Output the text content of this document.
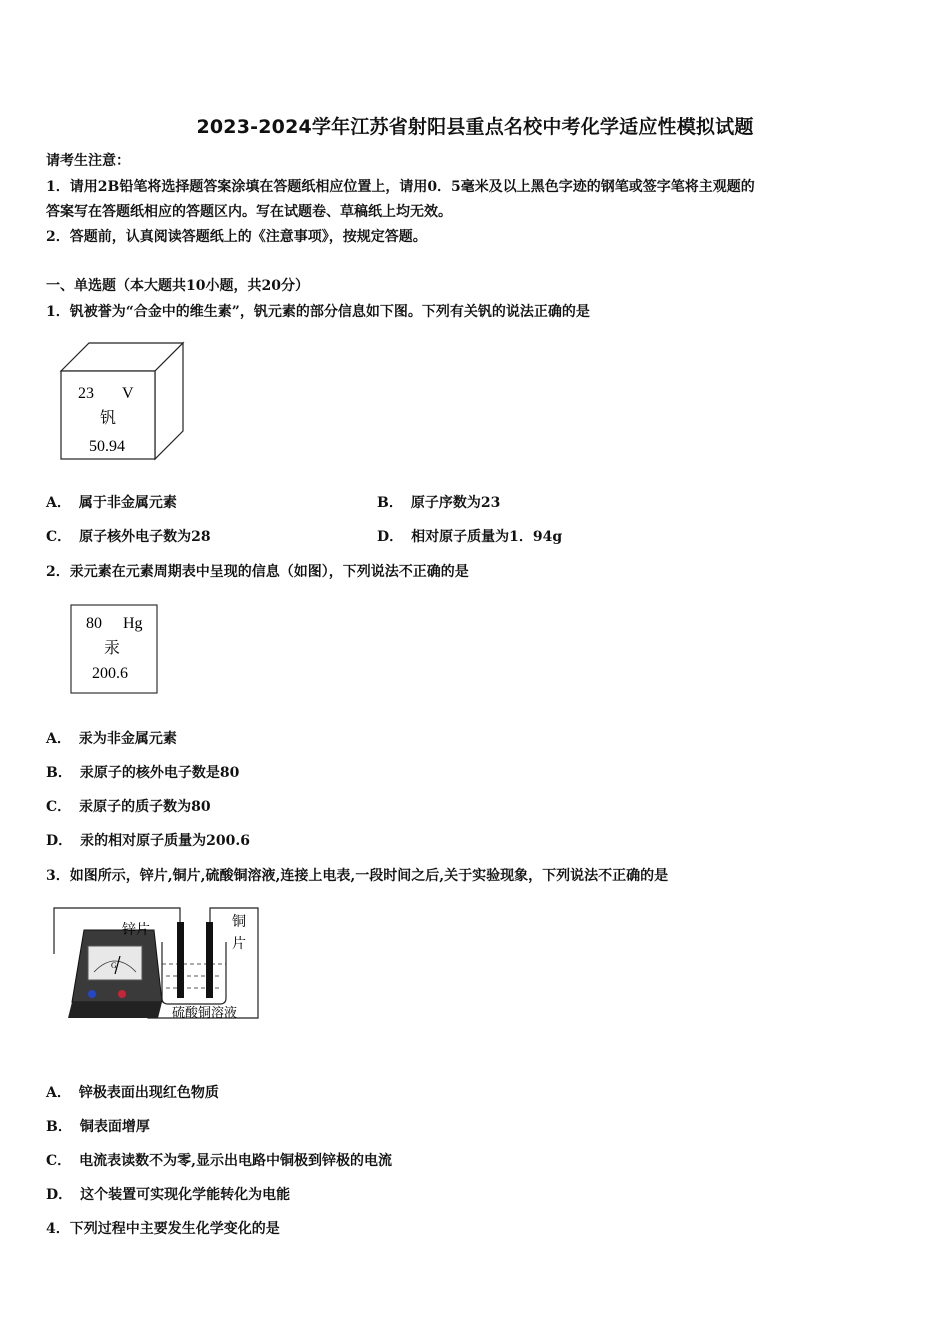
2023-2024学年江苏省射阳县重点名校中考化学适应性模拟试题
请考生注意：
1．请用2B铅笔将选择题答案涂填在答题纸相应位置上，请用0．5毫米及以上黑色字迹的钢笔或签字笔将主观题的
答案写在答题纸相应的答题区内。写在试题卷、草稿纸上均无效。
2．答题前，认真阅读答题纸上的《注意事项》，按规定答题。
一、单选题（本大题共10小题，共20分）
1．钒被誉为“合金中的维生素”，钒元素的部分信息如下图。下列有关钒的说法正确的是
23 V
钒
50.94
A． 属于非金属元素	B． 原子序数为23
C． 原子核外电子数为28	D． 相对原子质量为1．94g
2．汞元素在元素周期表中呈现的信息（如图），下列说法不正确的是
80 Hg
汞
200.6
A． 汞为非金属元素
B． 汞原子的核外电子数是80
C． 汞原子的质子数为80
D． 汞的相对原子质量为200.6
3．如图所示，锌片,铜片,硫酸铜溶液,连接上电表,一段时间之后,关于实验现象，下列说法不正确的是
G
锌片
铜
片
硫酸铜溶液
A． 锌极表面出现红色物质
B． 铜表面增厚
C． 电流表读数不为零,显示出电路中铜极到锌极的电流
D． 这个装置可实现化学能转化为电能
4．下列过程中主要发生化学变化的是
